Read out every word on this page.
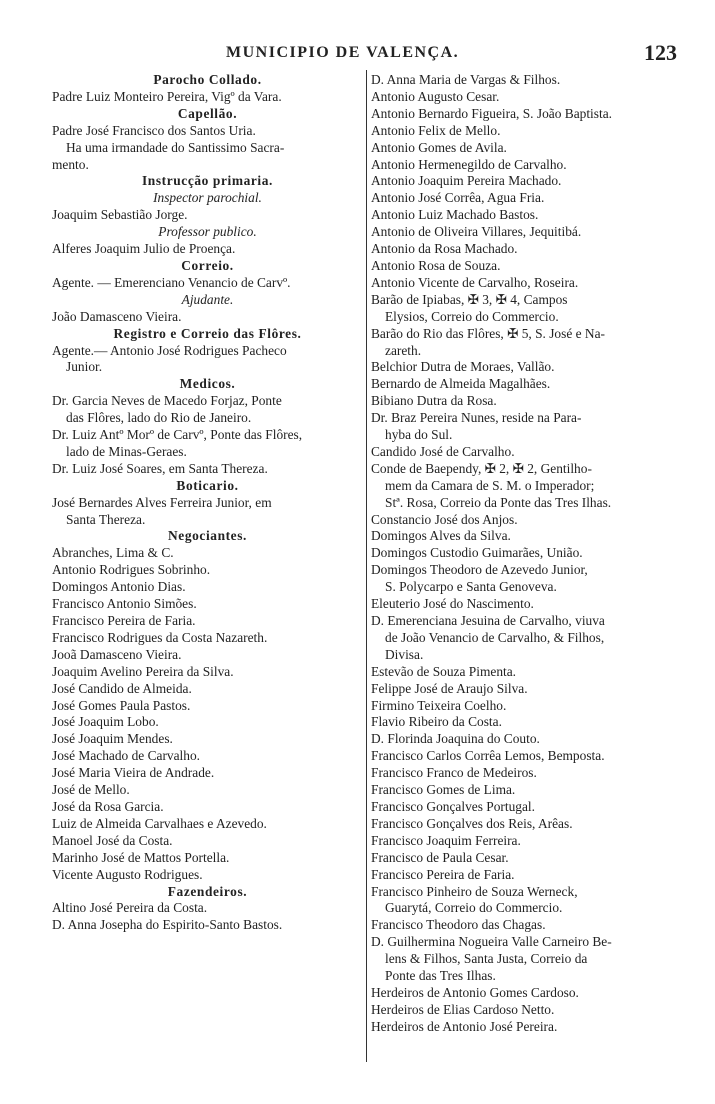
MUNICIPIO DE VALENÇA.	123
Parocho Collado.
Padre Luiz Monteiro Pereira, Vigº da Vara.
Capellão.
Padre José Francisco dos Santos Uria.
Ha uma irmandade do Santissimo Sacra-
mento.
Instrucção primaria.
Inspector parochial.
Joaquim Sebastião Jorge.
Professor publico.
Alferes Joaquim Julio de Proença.
Correio.
Agente. — Emerenciano Venancio de Carvº.
Ajudante.
João Damasceno Vieira.
Registro e Correio das Flôres.
Agente.— Antonio José Rodrigues Pacheco
Junior.
Medicos.
Dr. Garcia Neves de Macedo Forjaz, Ponte
das Flôres, lado do Rio de Janeiro.
Dr. Luiz Antº Morº de Carvº, Ponte das Flôres,
lado de Minas-Geraes.
Dr. Luiz José Soares, em Santa Thereza.
Boticario.
José Bernardes Alves Ferreira Junior, em
Santa Thereza.
Negociantes.
Abranches, Lima & C.
Antonio Rodrigues Sobrinho.
Domingos Antonio Dias.
Francisco Antonio Simões.
Francisco Pereira de Faria.
Francisco Rodrigues da Costa Nazareth.
Jooã Damasceno Vieira.
Joaquim Avelino Pereira da Silva.
José Candido de Almeida.
José Gomes Paula Pastos.
José Joaquim Lobo.
José Joaquim Mendes.
José Machado de Carvalho.
José Maria Vieira de Andrade.
José de Mello.
José da Rosa Garcia.
Luiz de Almeida Carvalhaes e Azevedo.
Manoel José da Costa.
Marinho José de Mattos Portella.
Vicente Augusto Rodrigues.
Fazendeiros.
Altino José Pereira da Costa.
D. Anna Josepha do Espirito-Santo Bastos.
D. Anna Maria de Vargas & Filhos.
Antonio Augusto Cesar.
Antonio Bernardo Figueira, S. João Baptista.
Antonio Felix de Mello.
Antonio Gomes de Avila.
Antonio Hermenegildo de Carvalho.
Antonio Joaquim Pereira Machado.
Antonio José Corrêa, Agua Fria.
Antonio Luiz Machado Bastos.
Antonio de Oliveira Villares, Jequitibá.
Antonio da Rosa Machado.
Antonio Rosa de Souza.
Antonio Vicente de Carvalho, Roseira.
Barão de Ipiabas, ✠ 3, ✠ 4, Campos
Elysios, Correio do Commercio.
Barão do Rio das Flôres, ✠ 5, S. José e Na-
zareth.
Belchior Dutra de Moraes, Vallão.
Bernardo de Almeida Magalhães.
Bibiano Dutra da Rosa.
Dr. Braz Pereira Nunes, reside na Para-
hyba do Sul.
Candido José de Carvalho.
Conde de Baependy, ✠ 2, ✠ 2, Gentilho-
mem da Camara de S. M. o Imperador;
Stª. Rosa, Correio da Ponte das Tres Ilhas.
Constancio José dos Anjos.
Domingos Alves da Silva.
Domingos Custodio Guimarães, União.
Domingos Theodoro de Azevedo Junior,
S. Polycarpo e Santa Genoveva.
Eleuterio José do Nascimento.
D. Emerenciana Jesuina de Carvalho, viuva
de João Venancio de Carvalho, & Filhos,
Divisa.
Estevão de Souza Pimenta.
Felippe José de Araujo Silva.
Firmino Teixeira Coelho.
Flavio Ribeiro da Costa.
D. Florinda Joaquina do Couto.
Francisco Carlos Corrêa Lemos, Bemposta.
Francisco Franco de Medeiros.
Francisco Gomes de Lima.
Francisco Gonçalves Portugal.
Francisco Gonçalves dos Reis, Arêas.
Francisco Joaquim Ferreira.
Francisco de Paula Cesar.
Francisco Pereira de Faria.
Francisco Pinheiro de Souza Werneck,
Guarytá, Correio do Commercio.
Francisco Theodoro das Chagas.
D. Guilhermina Nogueira Valle Carneiro Be-
lens & Filhos, Santa Justa, Correio da
Ponte das Tres Ilhas.
Herdeiros de Antonio Gomes Cardoso.
Herdeiros de Elias Cardoso Netto.
Herdeiros de Antonio José Pereira.
